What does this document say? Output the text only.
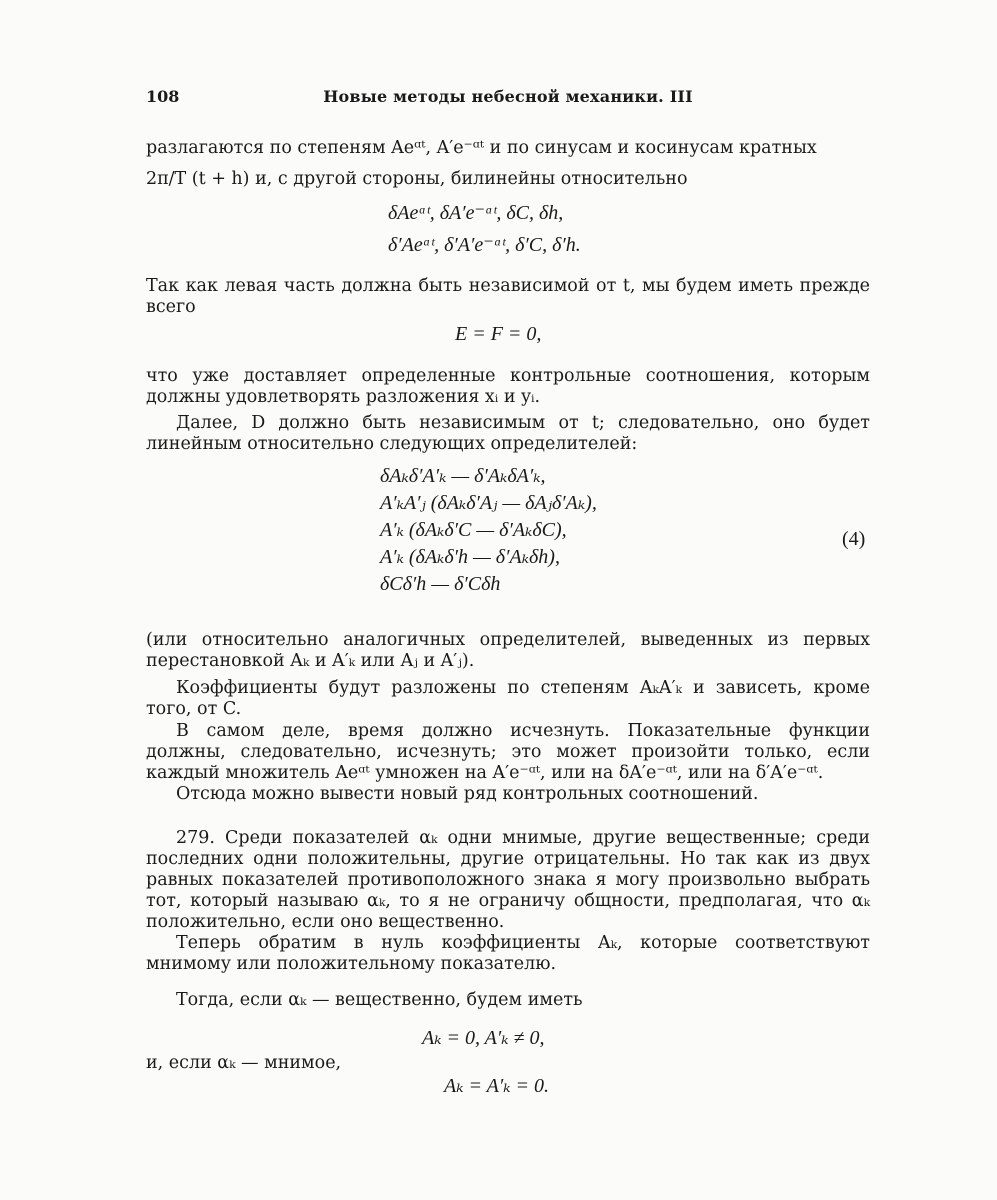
108	Новые методы небесной механики. III

разлагаются по степеням Aeᵅᵗ, A′e⁻ᵅᵗ и по синусам и косинусам кратных

2π/T (t + h) и, с другой стороны, билинейны относительно

δAeᵅᵗ, δA′e⁻ᵅᵗ, δC, δh,
δ′Aeᵅᵗ, δ′A′e⁻ᵅᵗ, δ′C, δ′h.

Так как левая часть должна быть независимой от t, мы будем иметь прежде всего

E = F = 0,

что уже доставляет определенные контрольные соотношения, которым должны удовлетворять разложения xᵢ и yᵢ.

Далее, D должно быть независимым от t; следовательно, оно будет линейным относительно следующих определителей:

δAₖδ′A′ₖ — δ′AₖδA′ₖ,
A′ₖA′ⱼ (δAₖδ′Aⱼ — δAⱼδ′Aₖ),
A′ₖ (δAₖδ′C — δ′AₖδC),
A′ₖ (δAₖδ′h — δ′Aₖδh),
δCδ′h — δ′Cδh
(4)

(или относительно аналогичных определителей, выведенных из первых перестановкой Aₖ и A′ₖ или Aⱼ и A′ⱼ).

Коэффициенты будут разложены по степеням AₖA′ₖ и зависеть, кроме того, от C.

В самом деле, время должно исчезнуть. Показательные функции должны, следовательно, исчезнуть; это может произойти только, если каждый множитель Aeᵅᵗ умножен на A′e⁻ᵅᵗ, или на δA′e⁻ᵅᵗ, или на δ′A′e⁻ᵅᵗ.

Отсюда можно вывести новый ряд контрольных соотношений.

279. Среди показателей αₖ одни мнимые, другие вещественные; среди последних одни положительны, другие отрицательны. Но так как из двух равных показателей противоположного знака я могу произвольно выбрать тот, который называю αₖ, то я не ограничу общности, предполагая, что αₖ положительно, если оно вещественно.

Теперь обратим в нуль коэффициенты Aₖ, которые соответствуют мнимому или положительному показателю.

Тогда, если αₖ — вещественно, будем иметь

Aₖ = 0, A′ₖ ≠ 0,
и, если αₖ — мнимое,
Aₖ = A′ₖ = 0.
